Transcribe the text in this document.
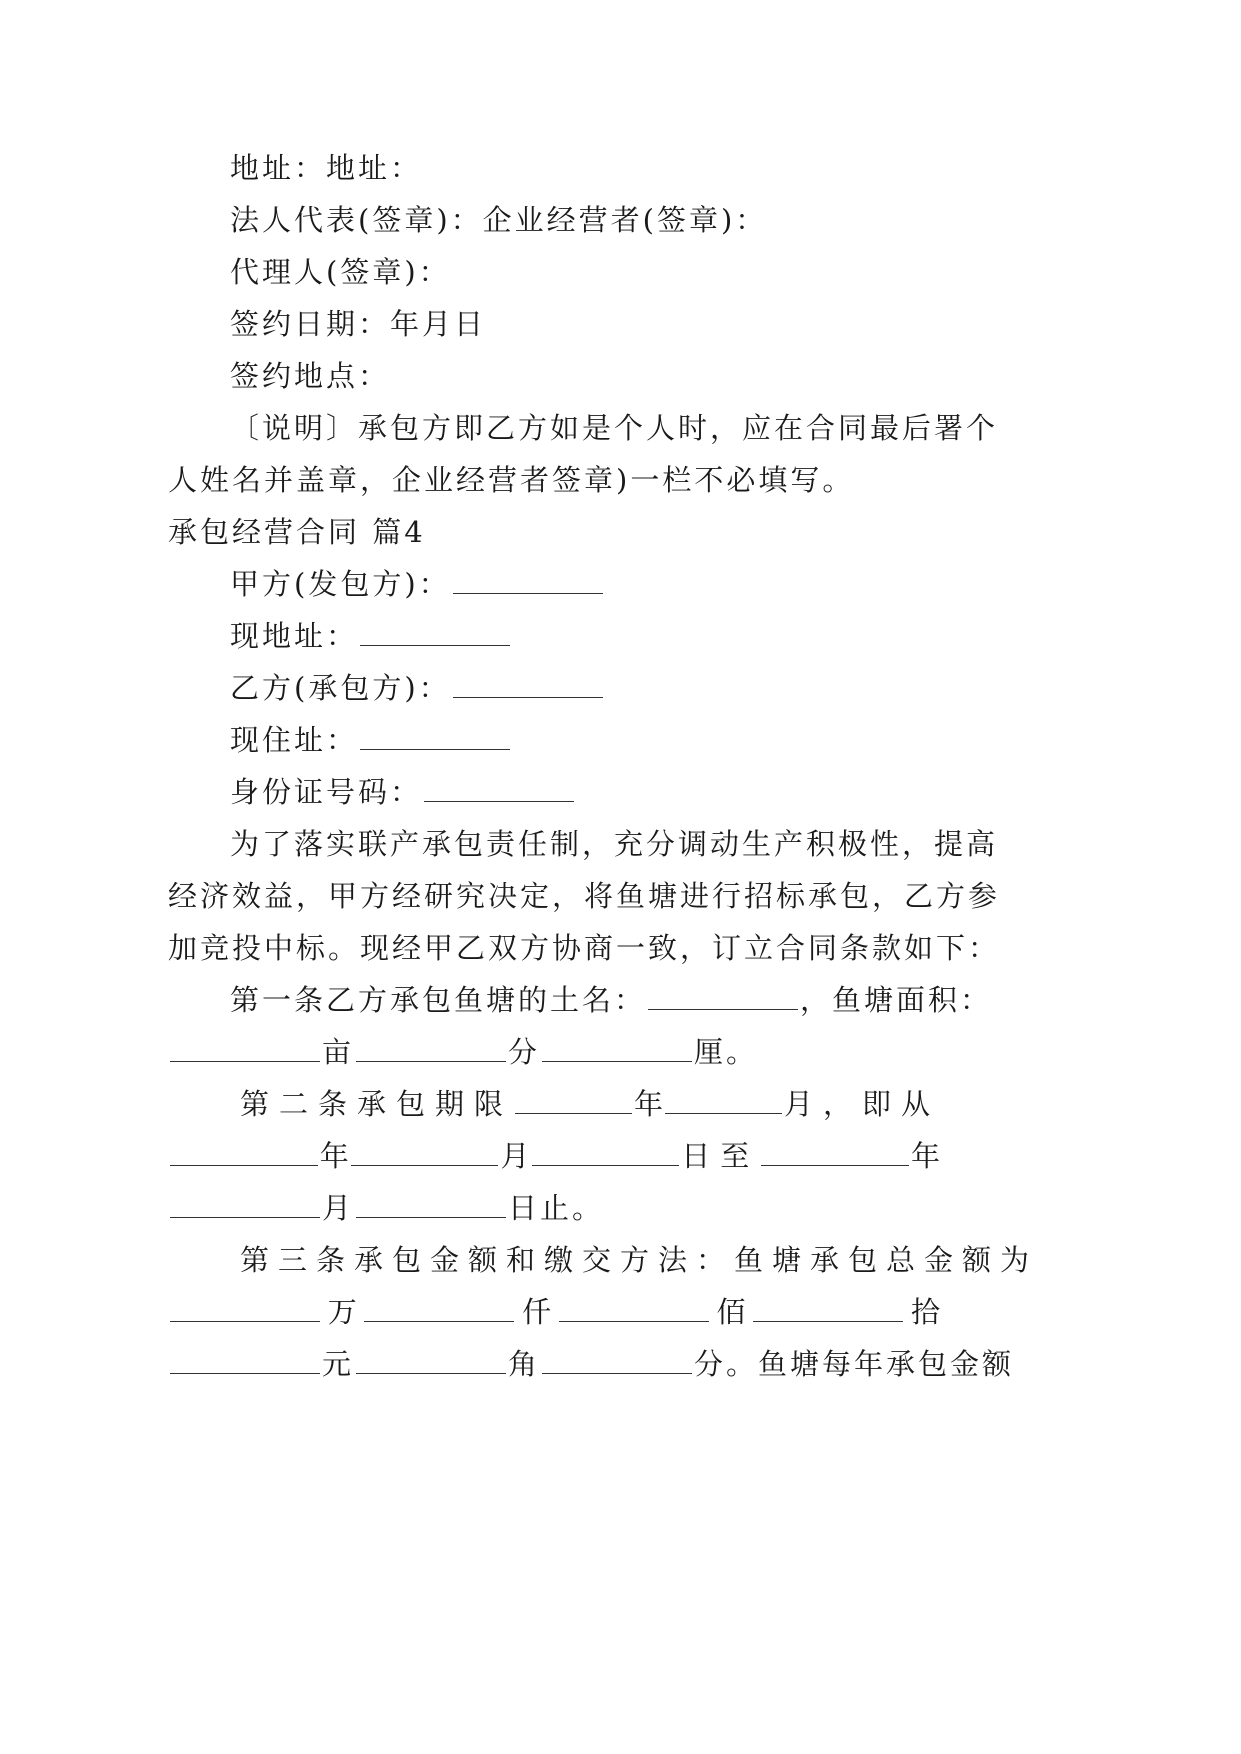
地址：地址：
法人代表(签章)：企业经营者(签章)：
代理人(签章)：
签约日期：年月日
签约地点：
〔说明〕承包方即乙方如是个人时，应在合同最后署个
人姓名并盖章，企业经营者签章)一栏不必填写。
承包经营合同 篇4
甲方(发包方)：
现地址：
乙方(承包方)：
现住址：
身份证号码：
为了落实联产承包责任制，充分调动生产积极性，提高
经济效益，甲方经研究决定，将鱼塘进行招标承包，乙方参
加竞投中标。现经甲乙双方协商一致，订立合同条款如下：
第一条乙方承包鱼塘的土名：	，鱼塘面积：
亩	分	厘。
第二条承包期限	年	月，即从
年	月	日至	年
月	日止。
第三条承包金额和缴交方法：鱼塘承包总金额为
万	仟	佰	拾
元	角	分。鱼塘每年承包金额
